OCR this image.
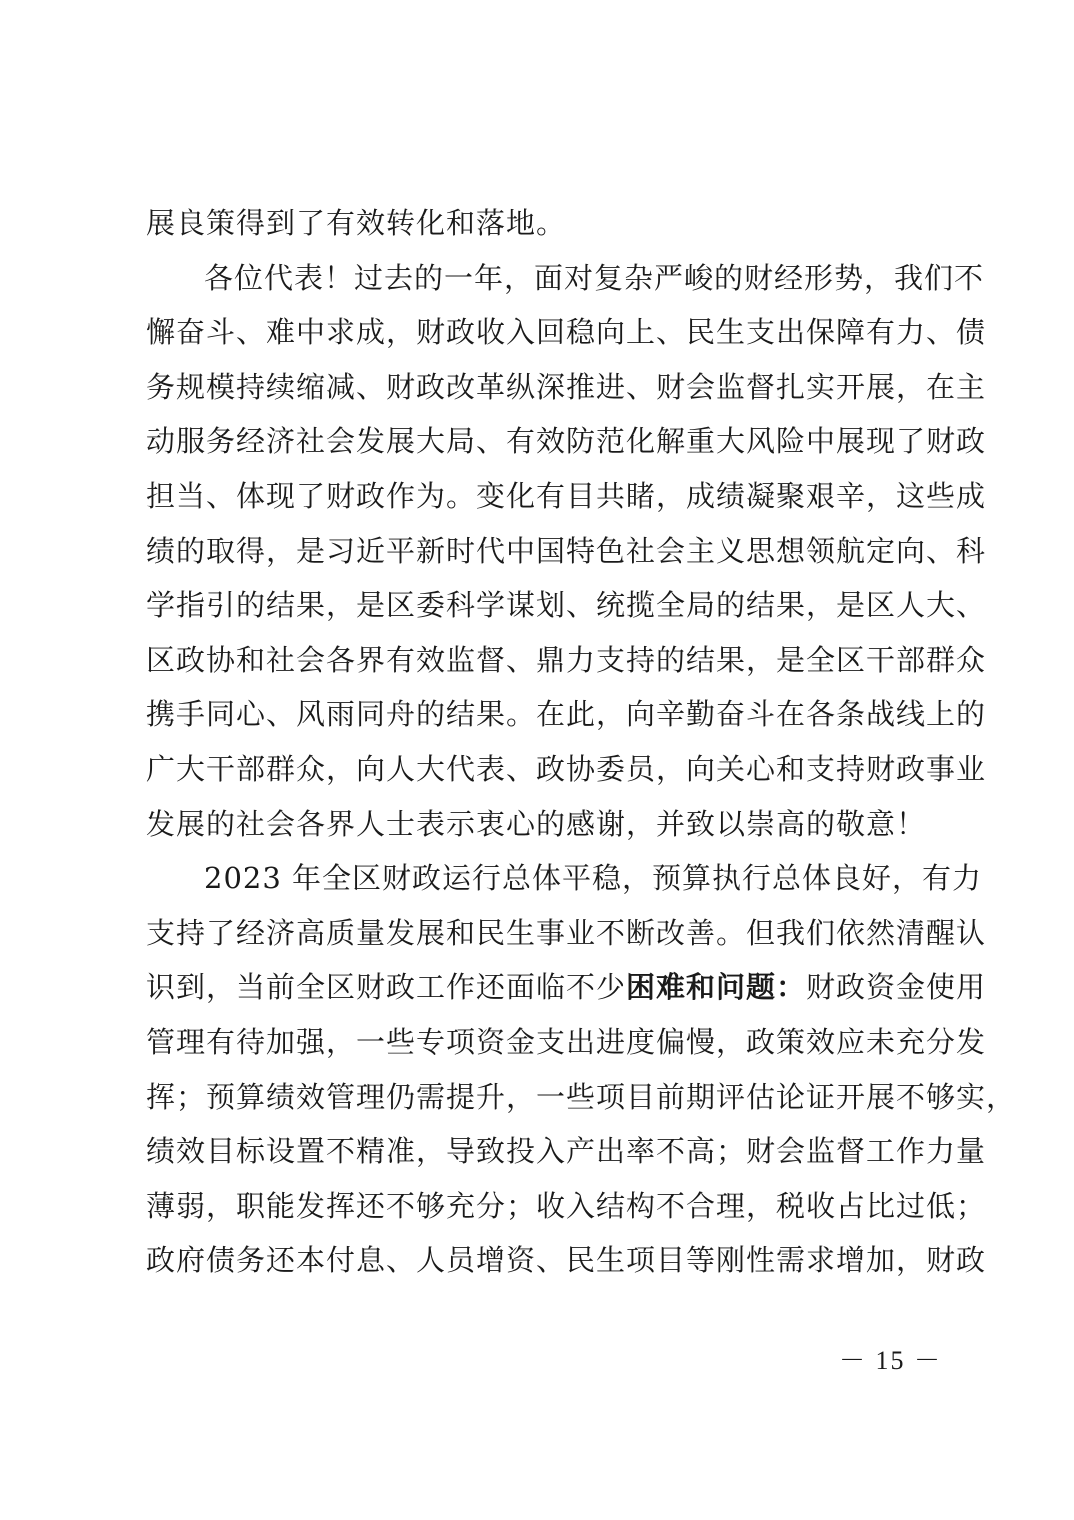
展良策得到了有效转化和落地。
各位代表！过去的一年，面对复杂严峻的财经形势，我们不
懈奋斗、难中求成，财政收入回稳向上、民生支出保障有力、债
务规模持续缩减、财政改革纵深推进、财会监督扎实开展，在主
动服务经济社会发展大局、有效防范化解重大风险中展现了财政
担当、体现了财政作为。变化有目共睹，成绩凝聚艰辛，这些成
绩的取得，是习近平新时代中国特色社会主义思想领航定向、科
学指引的结果，是区委科学谋划、统揽全局的结果，是区人大、
区政协和社会各界有效监督、鼎力支持的结果，是全区干部群众
携手同心、风雨同舟的结果。在此，向辛勤奋斗在各条战线上的
广大干部群众，向人大代表、政协委员，向关心和支持财政事业
发展的社会各界人士表示衷心的感谢，并致以崇高的敬意！
2023 年全区财政运行总体平稳，预算执行总体良好，有力
支持了经济高质量发展和民生事业不断改善。但我们依然清醒认
识到，当前全区财政工作还面临不少困难和问题：财政资金使用
管理有待加强，一些专项资金支出进度偏慢，政策效应未充分发
挥；预算绩效管理仍需提升，一些项目前期评估论证开展不够实，
绩效目标设置不精准，导致投入产出率不高；财会监督工作力量
薄弱，职能发挥还不够充分；收入结构不合理，税收占比过低；
政府债务还本付息、人员增资、民生项目等刚性需求增加，财政
－ 15 －
